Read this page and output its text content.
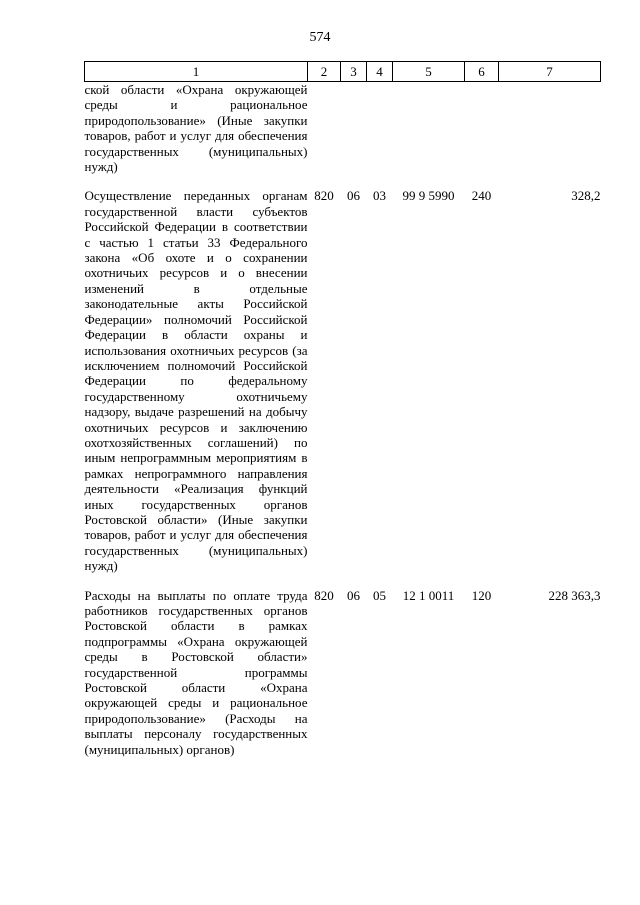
574
1	2	3	4	5	6	7
ской области «Охрана окружающей среды и рациональное природопользование» (Иные закупки товаров, работ и услуг для обеспечения государственных (муниципальных) нужд)						

Осуществление переданных органам государственной власти субъектов Российской Федерации в соответствии с частью 1 статьи 33 Федерального закона «Об охоте и о сохранении охотничьих ресурсов и о внесении изменений в отдельные законодательные акты Российской Федерации» полномочий Российской Федерации в области охраны и использования охотничьих ресурсов (за исключением полномочий Российской Федерации по федеральному государственному охотничьему надзору, выдаче разрешений на добычу охотничьих ресурсов и заключению охотхозяйственных соглашений) по иным непрограммным мероприятиям в рамках непрограммного направления деятельности «Реализация функций иных государственных органов Ростовской области» (Иные закупки товаров, работ и услуг для обеспечения государственных (муниципальных) нужд)	820	06	03	99 9 5990	240	328,2

Расходы на выплаты по оплате труда работников государственных органов Ростовской области в рамках подпрограммы «Охрана окружающей среды в Ростовской области» государственной программы Ростовской области «Охрана окружающей среды и рациональное природопользование» (Расходы на выплаты персоналу государственных (муниципальных) органов)	820	06	05	12 1 0011	120	228 363,3
